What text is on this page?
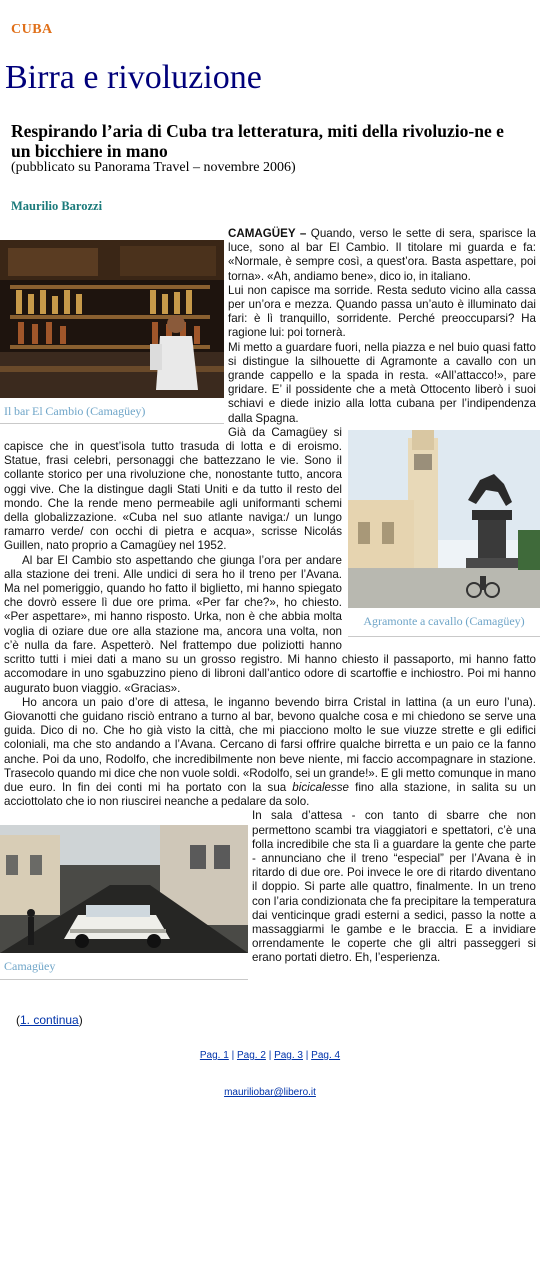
CUBA
Birra e rivoluzione
Respirando l’aria di Cuba tra letteratura, miti della rivoluzio-ne e un bicchiere in mano
(pubblicato su Panorama Travel – novembre 2006)
Maurilio Barozzi
Il bar El Cambio (Camagüey)

CAMAGÜEY – Quando, verso le sette di sera, sparisce la luce, sono al bar El Cambio. Il titolare mi guarda e fa: «Normale, è sempre così, a quest’ora. Basta aspettare, poi torna». «Ah, andiamo bene», dico io, in italiano.

Lui non capisce ma sorride. Resta seduto vicino alla cassa per un’ora e mezza. Quando passa un’auto è illuminato dai fari: è lì tranquillo, sorridente. Perché preoccuparsi? Ha ragione lui: poi tornerà.

Mi metto a guardare fuori, nella piazza e nel buio quasi fatto si distingue la silhouette di Agramonte a cavallo con un grande cappello e la spada in resta. «All’attacco!», pare gridare. E’ il possidente che a metà Ottocento liberò i suoi schiavi e diede inizio alla lotta cubana per l’indipendenza dalla Spagna.

Agramonte a cavallo (Camagüey)

Già da Camagüey si capisce che in quest’isola tutto trasuda di lotta e di eroismo. Statue, frasi celebri, personaggi che battezzano le vie. Sono il collante storico per una rivoluzione che, nonostante tutto, ancora oggi vive. Che la distingue dagli Stati Uniti e da tutto il resto del mondo. Che la rende meno permeabile agli uniformanti schemi della globalizzazione. «Cuba nel suo atlante naviga:/ un lungo ramarro verde/ con occhi di pietra e acqua», scrisse Nicolás Guillen, nato proprio a Camagüey nel 1952.

Al bar El Cambio sto aspettando che giunga l’ora per andare alla stazione dei treni. Alle undici di sera ho il treno per l’Avana. Ma nel pomeriggio, quando ho fatto il biglietto, mi hanno spiegato che dovrò essere lì due ore prima. «Per far che?», ho chiesto. «Per aspettare», mi hanno risposto. Urka, non è che abbia molta voglia di oziare due ore alla stazione ma, ancora una volta, non c’è nulla da fare. Aspetterò. Nel frattempo due poliziotti hanno scritto tutti i miei dati a mano su un grosso registro. Mi hanno chiesto il passaporto, mi hanno fatto accomodare in uno sgabuzzino pieno di libroni dall’antico odore di scartoffie e inchiostro. Poi mi hanno augurato buon viaggio. «Gracias».

Ho ancora un paio d’ore di attesa, le inganno bevendo birra Cristal in lattina (a un euro l’una). Giovanotti che guidano risciò entrano a turno al bar, bevono qualche cosa e mi chiedono se serve una guida. Dico di no. Che ho già visto la città, che mi piacciono molto le sue viuzze strette e gli edifici coloniali, ma che sto andando a l’Avana. Cercano di farsi offrire qualche birretta e un paio ce la fanno anche. Poi da uno, Rodolfo, che incredibilmente non beve niente, mi faccio accompagnare in stazione. Trasecolo quando mi dice che non vuole soldi. «Rodolfo, sei un grande!». E gli metto comunque in mano due euro. In fin dei conti mi ha portato con la sua bicicalesse fino alla stazione, in salita su un acciottolato che io non riuscirei neanche a pedalare da solo.

Camagüey

In sala d’attesa - con tanto di sbarre che non permettono scambi tra viaggiatori e spettatori, c’è una folla incredibile che sta lì a guardare la gente che parte - annunciano che il treno “especial” per l’Avana è in ritardo di due ore. Poi invece le ore di ritardo diventano il doppio. Si parte alle quattro, finalmente. In un treno con l’aria condizionata che fa precipitare la temperatura dai venticinque gradi esterni a sedici, passo la notte a massaggiarmi le gambe e le braccia. E a invidiare orrendamente le coperte che gli altri passeggeri si erano portati dietro. Eh, l’esperienza.

(1. continua)
Pag. 1 | Pag. 2 | Pag. 3 | Pag. 4
mauriliobar@libero.it
